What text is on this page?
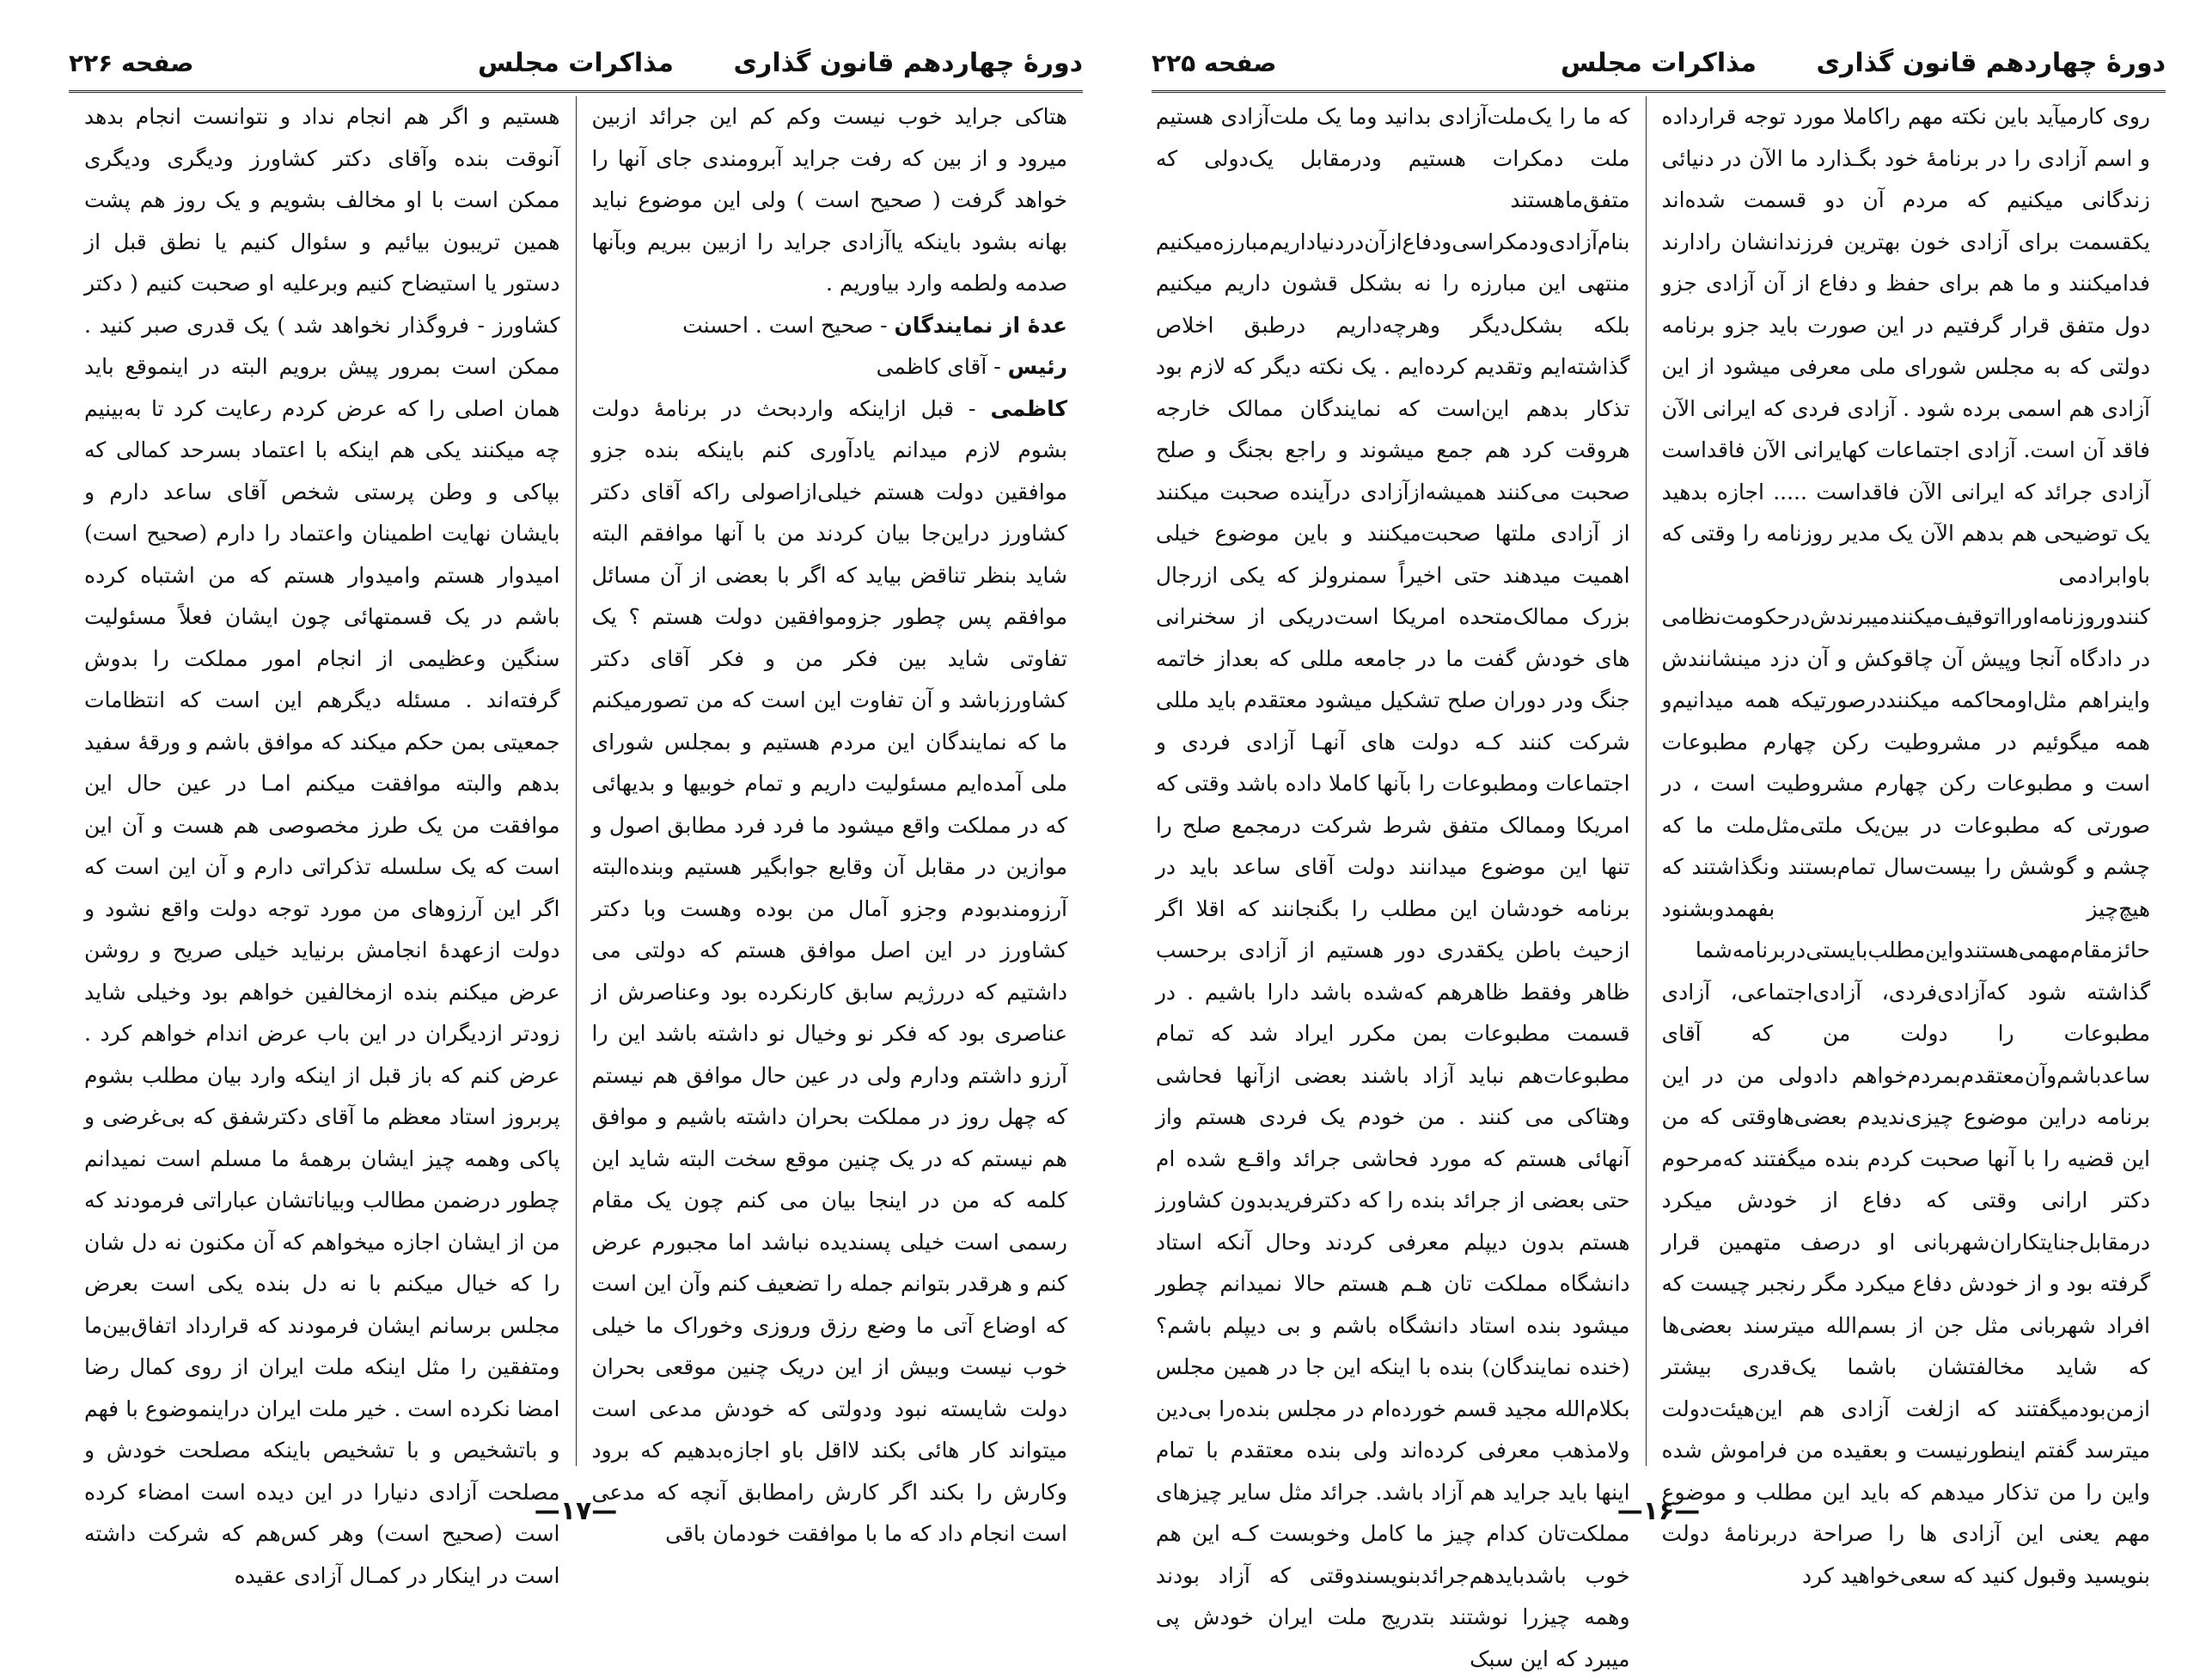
دورهٔ چهاردهم قانون گذاری
مذاکرات مجلس
صفحه ۲۲۶

هتاکی جراید خوب نیست وکم کم این جرائد ازبین میرود و از بین که رفت جراید آبرومندی جای آنها را خواهد گرفت ( صحیح است ) ولی این موضوع نباید بهانه بشود باینکه یاآزادی جراید را ازبین ببریم وبآنها صدمه ولطمه وارد بیاوریم .

عدهٔ از نمایندگان - صحیح است . احسنت

رئیس - آقای کاظمی

کاظمی - قبل ازاینکه واردبحث در برنامهٔ دولت بشوم لازم میدانم یادآوری کنم باینکه بنده جزو موافقین دولت هستم خیلی‌ازاصولی راکه آقای دکتر کشاورز دراین‌جا بیان کردند من با آنها موافقم البته شاید بنظر تناقض بیاید که اگر با بعضی از آن مسائل موافقم پس چطور جزوموافقین دولت هستم ؟ یک تفاوتی شاید بین فکر من و فکر آقای دکتر کشاورزباشد و آن تفاوت این است که من تصورمیکنم ما که نمایندگان این مردم هستیم و بمجلس شورای ملی آمده‌ایم مسئولیت داریم و تمام خوبیها و بدیهائی که در مملکت واقع میشود ما فرد فرد مطابق اصول و موازین در مقابل آن وقایع جوابگیر هستیم وبنده‌البته آرزومندبودم وجزو آمال من بوده وهست وبا دکتر کشاورز در این اصل موافق هستم که دولتی می داشتیم که دررژیم سابق کارنکرده بود وعناصرش از عناصری بود که فکر نو وخیال نو داشته باشد این را آرزو داشتم ودارم ولی در عین حال موافق هم نیستم که چهل روز در مملکت بحران داشته باشیم و موافق هم نیستم که در یک چنین موقع سخت البته شاید این کلمه که من در اینجا بیان می کنم چون یک مقام رسمی است خیلی پسندیده نباشد اما مجبورم عرض کنم و هرقدر بتوانم جمله را تضعیف کنم وآن این است که اوضاع آتی ما وضع رزق وروزی وخوراک ما خیلی خوب نیست وبیش از این دریک چنین موقعی بحران دولت شایسته نبود ودولتی که خودش مدعی است میتواند کار هائی بکند لااقل باو اجازه‌بدهیم که برود وکارش را بکند اگر کارش رامطابق آنچه که مدعی است انجام داد که ما با موافقت خودمان باقی

هستیم و اگر هم انجام نداد و نتوانست انجام بدهد آنوقت بنده وآقای دکتر کشاورز ودیگری ودیگری ممکن است با او مخالف بشویم و یک روز هم پشت همین تریبون بیائیم و سئوال کنیم یا نطق قبل از دستور یا استیضاح کنیم وبرعلیه او صحبت کنیم ( دکتر کشاورز - فروگذار نخواهد شد ) یک قدری صبر کنید . ممکن است بمرور پیش برویم البته در اینموقع باید همان اصلی را که عرض کردم رعایت کرد تا به‌بینیم چه میکنند یکی هم اینکه با اعتماد بسرحد کمالی که بپاکی و وطن پرستی شخص آقای ساعد دارم و بایشان نهایت اطمینان واعتماد را دارم (صحیح است) امیدوار هستم وامیدوار هستم که من اشتباه کرده باشم در یک قسمتهائی چون ایشان فعلاً مسئولیت سنگین وعظیمی از انجام امور مملکت را بدوش گرفته‌اند . مسئله دیگرهم این است که انتظامات جمعیتی بمن حکم میکند که موافق باشم و ورقهٔ سفید بدهم والبته موافقت میکنم امـا در عین حال این موافقت من یک طرز مخصوصی هم هست و آن این است که یک سلسله تذکراتی دارم و آن این است که اگر این آرزوهای من مورد توجه دولت واقع نشود و دولت ازعهدهٔ انجامش برنیاید خیلی صریح و روشن عرض میکنم بنده ازمخالفین خواهم بود وخیلی شاید زودتر ازدیگران در این باب عرض اندام خواهم کرد . عرض کنم که باز قبل از اینکه وارد بیان مطلب بشوم پربروز استاد معظم ما آقای دکترشفق که بی‌غرضی و پاکی وهمه چیز ایشان برهمهٔ ما مسلم است نمیدانم چطور درضمن مطالب وبیاناتشان عباراتی فرمودند که من از ایشان اجازه میخواهم که آن مکنون نه دل شان را که خیال میکنم با نه دل بنده یکی است بعرض مجلس برسانم ایشان فرمودند که قرارداد اتفاق‌بین‌ما ومتفقین را مثل اینکه ملت ایران از روی کمال رضا امضا نکرده است . خیر ملت ایران دراینموضوع با فهم و باتشخیص و با تشخیص باینکه مصلحت خودش و مصلحت آزادی دنیارا در این دیده است امضاء کرده است (صحیح است) وهر کس‌هم که شرکت داشته است در اینکار در کمـال آزادی عقیده

—۱۷—
دورهٔ چهاردهم قانون گذاری
مذاکرات مجلس
صفحه ۲۲۵

روی کارمیآید باین نکته مهم راکاملا مورد توجه قرارداده و اسم آزادی را در برنامهٔ خود بگـذارد ما الآن در دنیائی زندگانی میکنیم که مردم آن دو قسمت شده‌اند یکقسمت برای آزادی خون بهترین فرزندانشان رادارند فدامیکنند و ما هم برای حفظ و دفاع از آن آزادی جزو دول متفق قرار گرفتیم در این صورت باید جزو برنامه دولتی که به مجلس شورای ملی معرفی میشود از این آزادی هم اسمی برده شود . آزادی فردی که ایرانی الآن فاقد آن است. آزادی اجتماعات کهایرانی الآن فاقداست آزادی جرائد که ایرانی الآن فاقداست ..... اجازه بدهید یک توضیحی هم بدهم الآن یک مدیر روزنامه را وقتی که باوابرادمی کنندوروزنامه‌اورااتوقیف‌میکنندمیبرندش‌درحکومت‌نظامی در دادگاه آنجا وپیش آن چاقوکش و آن دزد مینشانندش واینرا‌هم مثل‌او‌محاکمه میکنند‌درصورتیکه همه میدانیم‌و همه میگوئیم در مشروطیت رکن چهارم مطبوعات است و مطبوعات رکن چهارم مشروطیت است ، در صورتی که مطبوعات در بین‌یک ملتی‌مثل‌ملت ما که چشم و گوشش را بیست‌سال تمام‌بستند ونگذاشتند که هیچ‌چیز بفهمدوبشنود حائزمقام‌مهمی‌هستندواین‌مطلب‌بایستی‌دربرنامه‌شما گذاشته شود که‌آزادی‌فردی، آزادی‌اجتماعی، آزادی مطبوعات را دولت من که آقای ساعدباشم‌و‌آن‌معتقدم‌بمردم‌خواهم دادولی من در این برنامه دراین موضوع چیزی‌ندیدم بعضی‌هاوقتی که من این قضیه را با آنها صحبت کردم بنده میگفتند که‌مرحوم دکتر ارانی وقتی که دفاع از خودش میکرد درمقابل‌جنایتکاران‌شهربانی او درصف متهمین قرار گرفته بود و از خودش دفاع میکرد مگر رنجبر چیست که افراد شهربانی مثل جن از بسم‌الله میترسند بعضی‌ها که شاید مخالفتشان باشما یک‌قدری بیشتر ازمن‌بودمیگفتند که ازلغت آزادی هم این‌هیئت‌دولت میترسد گفتم اینطورنیست و بعقیده من فراموش شده واین را من تذکار میدهم که باید این مطلب و موضوع مهم یعنی این آزادی ها را صراحة دربرنامهٔ دولت بنویسید وقبول کنید که سعی‌خواهید کرد

که ما را یک‌ملت‌آزادی بدانید وما یک ملت‌آزادی هستیم ملت دمکرات هستیم ودرمقابل یک‌دولی که متفق‌ماهستند بنام‌آزادی‌و‌دمکراسی‌و‌دفاع‌از‌آن‌در‌دنیا‌داریم‌مبارزه‌میکنیم منتهی این مبارزه را نه بشکل قشون داریم میکنیم بلکه بشکل‌دیگر وهرچه‌داریم درطبق اخلاص گذاشته‌ایم وتقدیم کرده‌ایم . یک نکته دیگر که لازم بود تذکار بدهم این‌است که نمایندگان ممالک خارجه هروقت کرد هم جمع میشوند و راجع بجنگ و صلح صحبت می‌کنند همیشه‌ازآزادی درآینده صحبت میکنند از آزادی ملتها صحبت‌میکنند و باین موضوع خیلی اهمیت میدهند حتی اخیراً سمنرولز که یکی ازرجال بزرک ممالک‌متحده امریکا است‌دریکی از سخنرانی های خودش گفت ما در جامعه مللی که بعداز خاتمه جنگ ودر دوران صلح تشکیل میشود معتقدم باید مللی شرکت کنند کـه دولت های آنهـا آزادی فردی و اجتماعات ومطبوعات را بآنها کاملا داده باشد وقتی که امریکا وممالک متفق شرط شرکت درمجمع صلح را تنها این موضوع میدانند دولت آقای ساعد باید در برنامه خودشان این مطلب را بگنجانند که اقلا اگر ازحیث باطن یکقدری دور هستیم از آزادی برحسب ظاهر وفقط ظاهرهم که‌شده باشد دارا باشیم . در قسمت مطبوعات بمن مکرر ایراد شد که تمام مطبوعات‌هم نباید آزاد باشند بعضی ازآنها فحاشی وهتاکی می کنند . من خودم یک فردی هستم واز آنهائی هستم که مورد فحاشی جرائد واقـع شده ام حتی بعضی از جرائد بنده را که دکتر‌فرید‌بدون کشاورز هستم بدون دیپلم معرفی کردند وحال آنکه استاد دانشگاه مملکت تان هـم هستم حالا نمیدانم چطور میشود بنده استاد دانشگاه باشم و بی دیپلم باشم؟ (خنده نمایندگان) بنده با اینکه این جا در همین مجلس بکلام‌الله مجید قسم خورده‌ام در مجلس بنده‌را بی‌دین ولامذهب معرفی کرده‌اند ولی بنده معتقدم با تمام اینها باید جراید هم آزاد باشد. جرائد مثل سایر چیزهای مملکت‌تان کدام چیز ما کامل وخوبست کـه این هم خوب باشد‌باید‌هم‌جرائدبنویسندوقتی که آزاد بودند وهمه چیزرا نوشتند بتدریج ملت ایران خودش پی میبرد که این سبک

—۱۶—
